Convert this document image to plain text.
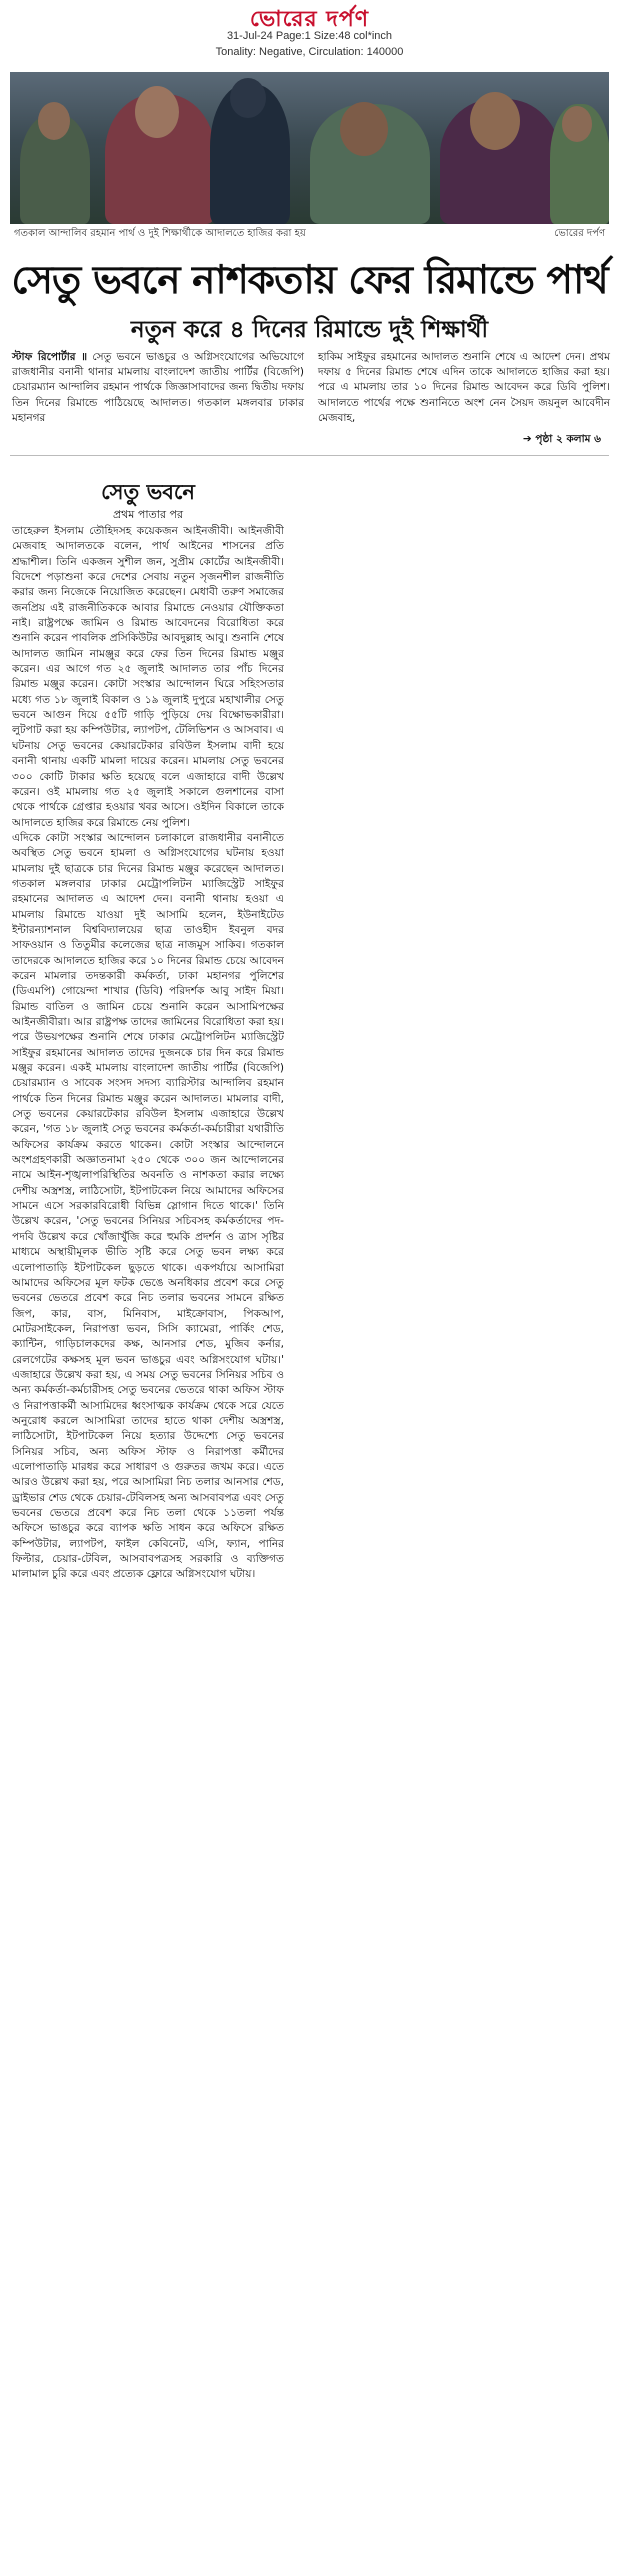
ভোরের দর্পণ
31-Jul-24 Page:1 Size:48 col*inch
Tonality: Negative, Circulation: 140000
গতকাল আন্দালিব রহমান পার্থ ও দুই শিক্ষার্থীকে আদালতে হাজির করা হয়	ভোরের দর্পণ
সেতু ভবনে নাশকতায় ফের রিমান্ডে পার্থ
নতুন করে ৪ দিনের রিমান্ডে দুই শিক্ষার্থী
স্টাফ রিপোর্টার ॥ সেতু ভবনে ভাঙচুর ও অগ্নিসংযোগের অভিযোগে রাজধানীর বনানী থানার মামলায় বাংলাদেশ জাতীয় পার্টির (বিজেপি) চেয়ারম্যান আন্দালিব রহমান পার্থকে জিজ্ঞাসাবাদের জন্য দ্বিতীয় দফায় তিন দিনের রিমান্ডে পাঠিয়েছে আদালত। গতকাল মঙ্গলবার ঢাকার মহানগর
হাকিম সাইফুর রহমানের আদালত শুনানি শেষে এ আদেশ দেন। প্রথম দফায় ৫ দিনের রিমান্ড শেষে এদিন তাকে আদালতে হাজির করা হয়। পরে এ মামলায় তার ১০ দিনের রিমান্ড আবেদন করে ডিবি পুলিশ। আদালতে পার্থের পক্ষে শুনানিতে অংশ নেন সৈয়দ জয়নুল আবেদীন মেজবাহ,
➔ পৃষ্ঠা ২ কলাম ৬
সেতু ভবনে
প্রথম পাতার পর

তাহেরুল ইসলাম তৌহিদসহ কয়েকজন আইনজীবী। আইনজীবী মেজবাহ আদালতকে বলেন, পার্থ আইনের শাসনের প্রতি শ্রদ্ধাশীল। তিনি একজন সুশীল জন, সুপ্রীম কোর্টের আইনজীবী। বিদেশে পড়াশুনা করে দেশের সেবায় নতুন সৃজনশীল রাজনীতি করার জন্য নিজেকে নিয়োজিত করেছেন। মেধাবী তরুণ সমাজের জনপ্রিয় এই রাজনীতিককে আবার রিমান্ডে নেওয়ার যৌক্তিকতা নাই। রাষ্ট্রপক্ষে জামিন ও রিমান্ড আবেদনের বিরোধিতা করে শুনানি করেন পাবলিক প্রসিকিউটর আবদুল্লাহ আবু। শুনানি শেষে আদালত জামিন নামঞ্জুর করে ফের তিন দিনের রিমান্ড মঞ্জুর করেন। এর আগে গত ২৫ জুলাই আদালত তার পাঁচ দিনের রিমান্ড মঞ্জুর করেন। কোটা সংস্কার আন্দোলন ঘিরে সহিংসতার মধ্যে গত ১৮ জুলাই বিকাল ও ১৯ জুলাই দুপুরে মহাখালীর সেতু ভবনে আগুন দিয়ে ৫৫টি গাড়ি পুড়িয়ে দেয় বিক্ষোভকারীরা। লুটপাট করা হয় কম্পিউটার, ল্যাপটপ, টেলিভিশন ও আসবাব। এ ঘটনায় সেতু ভবনের কেয়ারটেকার রবিউল ইসলাম বাদী হয়ে বনানী থানায় একটি মামলা দায়ের করেন। মামলায় সেতু ভবনের ৩০০ কোটি টাকার ক্ষতি হয়েছে বলে এজাহারে বাদী উল্লেখ করেন। ওই মামলায় গত ২৫ জুলাই সকালে গুলশানের বাসা থেকে পার্থকে গ্রেপ্তার হওয়ার খবর আসে। ওইদিন বিকালে তাকে আদালতে হাজির করে রিমান্ডে নেয় পুলিশ।

এদিকে কোটা সংস্কার আন্দোলন চলাকালে রাজধানীর বনানীতে অবস্থিত সেতু ভবনে হামলা ও অগ্নিসংযোগের ঘটনায় হওয়া মামলায় দুই ছাত্রকে চার দিনের রিমান্ড মঞ্জুর করেছেন আদালত। গতকাল মঙ্গলবার ঢাকার মেট্রোপলিটন ম্যাজিস্ট্রেট সাইফুর রহমানের আদালত এ আদেশ দেন। বনানী থানায় হওয়া এ মামলায় রিমান্ডে যাওয়া দুই আসামি হলেন, ইউনাইটেড ইন্টারন্যাশনাল বিশ্ববিদ্যালয়ের ছাত্র তাওহীদ ইবনুল বদর সাফওয়ান ও তিতুমীর কলেজের ছাত্র নাজমুস সাকিব। গতকাল তাদেরকে আদালতে হাজির করে ১০ দিনের রিমান্ড চেয়ে আবেদন করেন মামলার তদন্তকারী কর্মকর্তা, ঢাকা মহানগর পুলিশের (ডিএমপি) গোয়েন্দা শাখার (ডিবি) পরিদর্শক আবু সাইদ মিয়া। রিমান্ড বাতিল ও জামিন চেয়ে শুনানি করেন আসামিপক্ষের আইনজীবীরা। আর রাষ্ট্রপক্ষ তাদের জামিনের বিরোধিতা করা হয়। পরে উভয়পক্ষের শুনানি শেষে ঢাকার মেট্রোপলিটন ম্যাজিস্ট্রেট সাইফুর রহমানের আদালত তাদের দুজনকে চার দিন করে রিমান্ড মঞ্জুর করেন। একই মামলায় বাংলাদেশ জাতীয় পার্টির (বিজেপি) চেয়ারম্যান ও সাবেক সংসদ সদস্য ব্যারিস্টার আন্দালিব রহমান পার্থকে তিন দিনের রিমান্ড মঞ্জুর করেন আদালত। মামলার বাদী, সেতু ভবনের কেয়ারটেকার রবিউল ইসলাম এজাহারে উল্লেখ করেন, 'গত ১৮ জুলাই সেতু ভবনের কর্মকর্তা-কর্মচারীরা যথারীতি অফিসের কার্যক্রম করতে থাকেন। কোটা সংস্কার আন্দোলনে অংশগ্রহণকারী অজ্ঞাতনামা ২৫০ থেকে ৩০০ জন আন্দোলনের নামে আইন-শৃঙ্খলাপরিস্থিতির অবনতি ও নাশকতা করার লক্ষ্যে দেশীয় অস্ত্রশস্ত্র, লাঠিসোটা, ইটপাটকেল নিয়ে আমাদের অফিসের সামনে এসে সরকারবিরোধী বিভিন্ন স্লোগান দিতে থাকে।' তিনি উল্লেখ করেন, 'সেতু ভবনের সিনিয়র সচিবসহ কর্মকর্তাদের পদ-পদবি উল্লেখ করে খোঁজাখুঁজি করে হুমকি প্রদর্শন ও ত্রাস সৃষ্টির মাধ্যমে অস্থায়ীমূলক ভীতি সৃষ্টি করে সেতু ভবন লক্ষ্য করে এলোপাতাড়ি ইটপাটকেল ছুড়তে থাকে। একপর্যায়ে আসামিরা আমাদের অফিসের মূল ফটক ভেঙে অনধিকার প্রবেশ করে সেতু ভবনের ভেতরে প্রবেশ করে নিচ তলার ভবনের সামনে রক্ষিত জিপ, কার, বাস, মিনিবাস, মাইক্রোবাস, পিকআপ, মোটরসাইকেল, নিরাপত্তা ভবন, সিসি ক্যামেরা, পার্কিং শেড, ক্যান্টিন, গাড়িচালকদের কক্ষ, আনসার শেড, মুজিব কর্নার, রেলগেটের কক্ষসহ মূল ভবন ভাঙচুর এবং অগ্নিসংযোগ ঘটায়।' এজাহারে উল্লেখ করা হয়, এ সময় সেতু ভবনের সিনিয়র সচিব ও অন্য কর্মকর্তা-কর্মচারীসহ সেতু ভবনের ভেতরে থাকা অফিস স্টাফ ও নিরাপত্তাকর্মী আসামিদের ধ্বংসাত্মক কার্যক্রম থেকে সরে যেতে অনুরোধ করলে আসামিরা তাদের হাতে থাকা দেশীয় অস্ত্রশস্ত্র, লাঠিসোটা, ইটপাটকেল নিয়ে হত্যার উদ্দেশ্যে সেতু ভবনের সিনিয়র সচিব, অন্য অফিস স্টাফ ও নিরাপত্তা কর্মীদের এলোপাতাড়ি মারধর করে সাধারণ ও গুরুতর জখম করে। এতে আরও উল্লেখ করা হয়, পরে আসামিরা নিচ তলার আনসার শেড, ড্রাইভার শেড থেকে চেয়ার-টেবিলসহ অন্য আসবাবপত্র এবং সেতু ভবনের ভেতরে প্রবেশ করে নিচ তলা থেকে ১১তলা পর্যন্ত অফিসে ভাঙচুর করে ব্যাপক ক্ষতি সাধন করে অফিসে রক্ষিত কম্পিউটার, ল্যাপটপ, ফাইল কেবিনেট, এসি, ফ্যান, পানির ফিল্টার, চেয়ার-টেবিল, আসবাবপত্রসহ সরকারি ও ব্যক্তিগত মালামাল চুরি করে এবং প্রত্যেক ফ্লোরে অগ্নিসংযোগ ঘটায়।
